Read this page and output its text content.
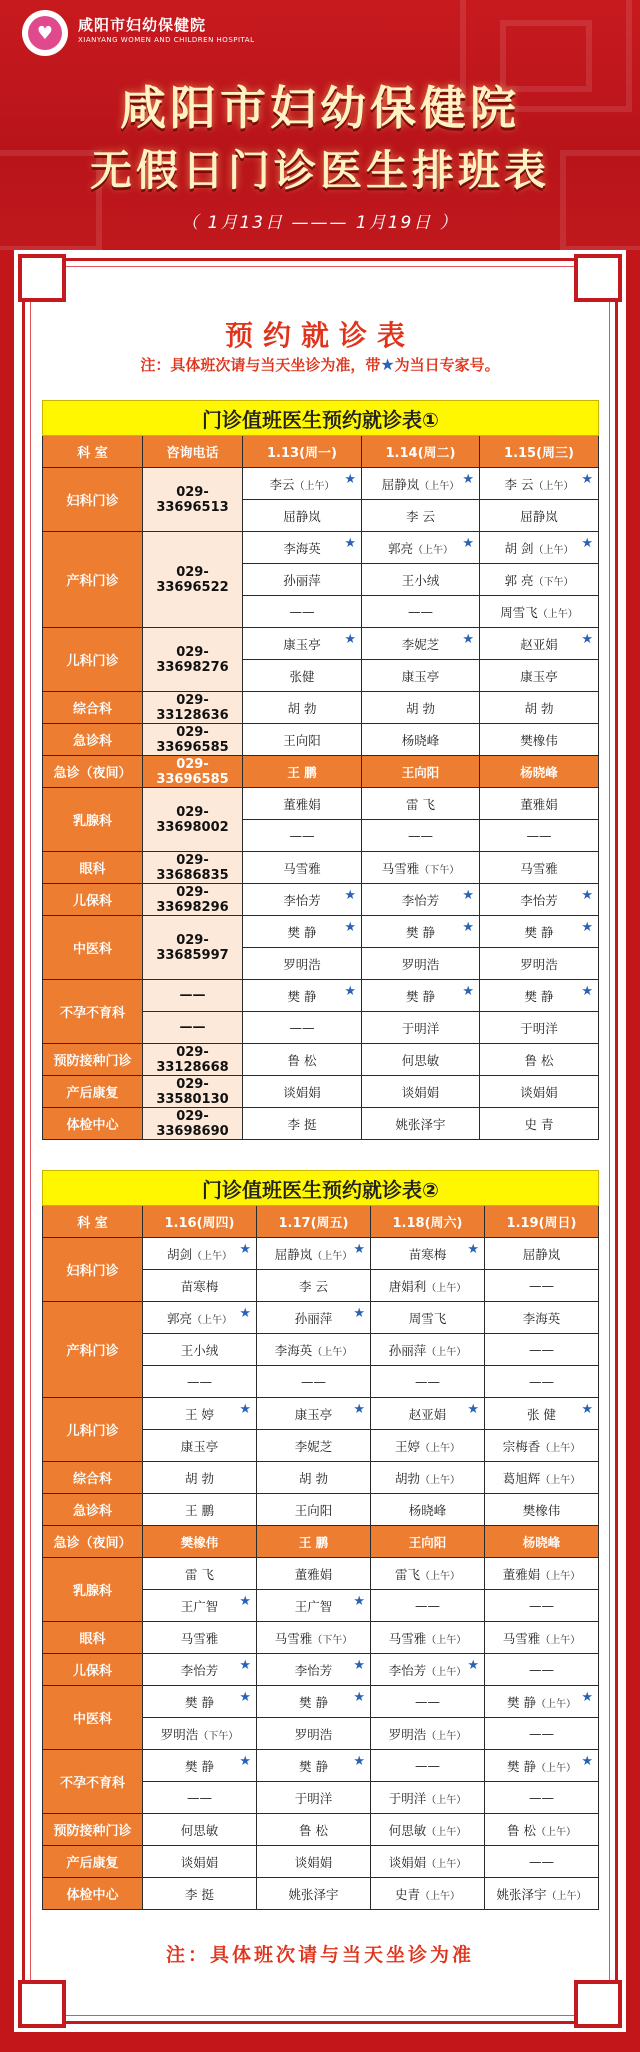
♥	咸阳市妇幼保健院
XIANYANG WOMEN AND CHILDREN HOSPITAL
咸阳市妇幼保健院
无假日门诊医生排班表
（ 1月13日 ——— 1月19日 ）
预约就诊表
注：具体班次请与当天坐诊为准，带★为当日专家号。
门诊值班医生预约就诊表①				
科 室	咨询电话	1.13(周一)	1.14(周二)	1.15(周三)
妇科门诊	029-33696513	李云（上午） ★	屈静岚（上午） ★	李 云（上午） ★

		屈静岚	李 云	屈静岚
产科门诊	029-33696522	李海英 ★	郭亮（上午） ★	胡 剑（上午） ★

		孙丽萍	王小绒	郭 亮（下午）
		——	——	周雪飞（上午）
儿科门诊	029-33698276	康玉亭 ★	李妮芝 ★	赵亚娟 ★

		张健	康玉亭	康玉亭
综合科	029-33128636	胡 勃	胡 勃	胡 勃
急诊科	029-33696585	王向阳	杨晓峰	樊橡伟
急诊（夜间）	029-33696585	王 鹏	王向阳	杨晓峰
乳腺科	029-33698002	董雅娟	雷 飞	董雅娟
		——	——	——
眼科	029-33686835	马雪雅	马雪雅（下午）	马雪雅
儿保科	029-33698296	李怡芳 ★	李怡芳 ★	李怡芳 ★

中医科	029-33685997	樊 静 ★	樊 静 ★	樊 静 ★

		罗明浩	罗明浩	罗明浩
不孕不育科	——	樊 静 ★	樊 静 ★	樊 静 ★

	——	——	于明洋	于明洋
预防接种门诊	029-33128668	鲁 松	何思敏	鲁 松
产后康复	029-33580130	谈娟娟	谈娟娟	谈娟娟
体检中心	029-33698690	李 挺	姚张泽宇	史 青
门诊值班医生预约就诊表②				
科 室	1.16(周四)	1.17(周五)	1.18(周六)	1.19(周日)
妇科门诊	胡剑（上午） ★	屈静岚（上午） ★	苗寒梅 ★	屈静岚
	苗寒梅	李 云	唐娟利（上午）	——
产科门诊	郭亮（上午） ★	孙丽萍 ★	周雪飞	李海英
	王小绒	李海英（上午）	孙丽萍（上午）	——
	——	——	——	——
儿科门诊	王 婷 ★	康玉亭 ★	赵亚娟 ★	张 健 ★

	康玉亭	李妮芝	王婷（上午）	宗梅香（上午）
综合科	胡 勃	胡 勃	胡勃（上午）	葛旭辉（上午）
急诊科	王 鹏	王向阳	杨晓峰	樊橡伟
急诊（夜间）	樊橡伟	王 鹏	王向阳	杨晓峰
乳腺科	雷 飞	董雅娟	雷飞（上午）	董雅娟（上午）
	王广智 ★	王广智 ★	——	——
眼科	马雪雅	马雪雅（下午）	马雪雅（上午）	马雪雅（上午）
儿保科	李怡芳 ★	李怡芳 ★	李怡芳（上午） ★	——
中医科	樊 静 ★	樊 静 ★	——	樊 静（上午） ★

	罗明浩（下午）	罗明浩	罗明浩（上午）	——
不孕不育科	樊 静 ★	樊 静 ★	——	樊 静（上午） ★

	——	于明洋	于明洋（上午）	——
预防接种门诊	何思敏	鲁 松	何思敏（上午）	鲁 松（上午）
产后康复	谈娟娟	谈娟娟	谈娟娟（上午）	——
体检中心	李 挺	姚张泽宇	史青（上午）	姚张泽宇（上午）
注：具体班次请与当天坐诊为准
